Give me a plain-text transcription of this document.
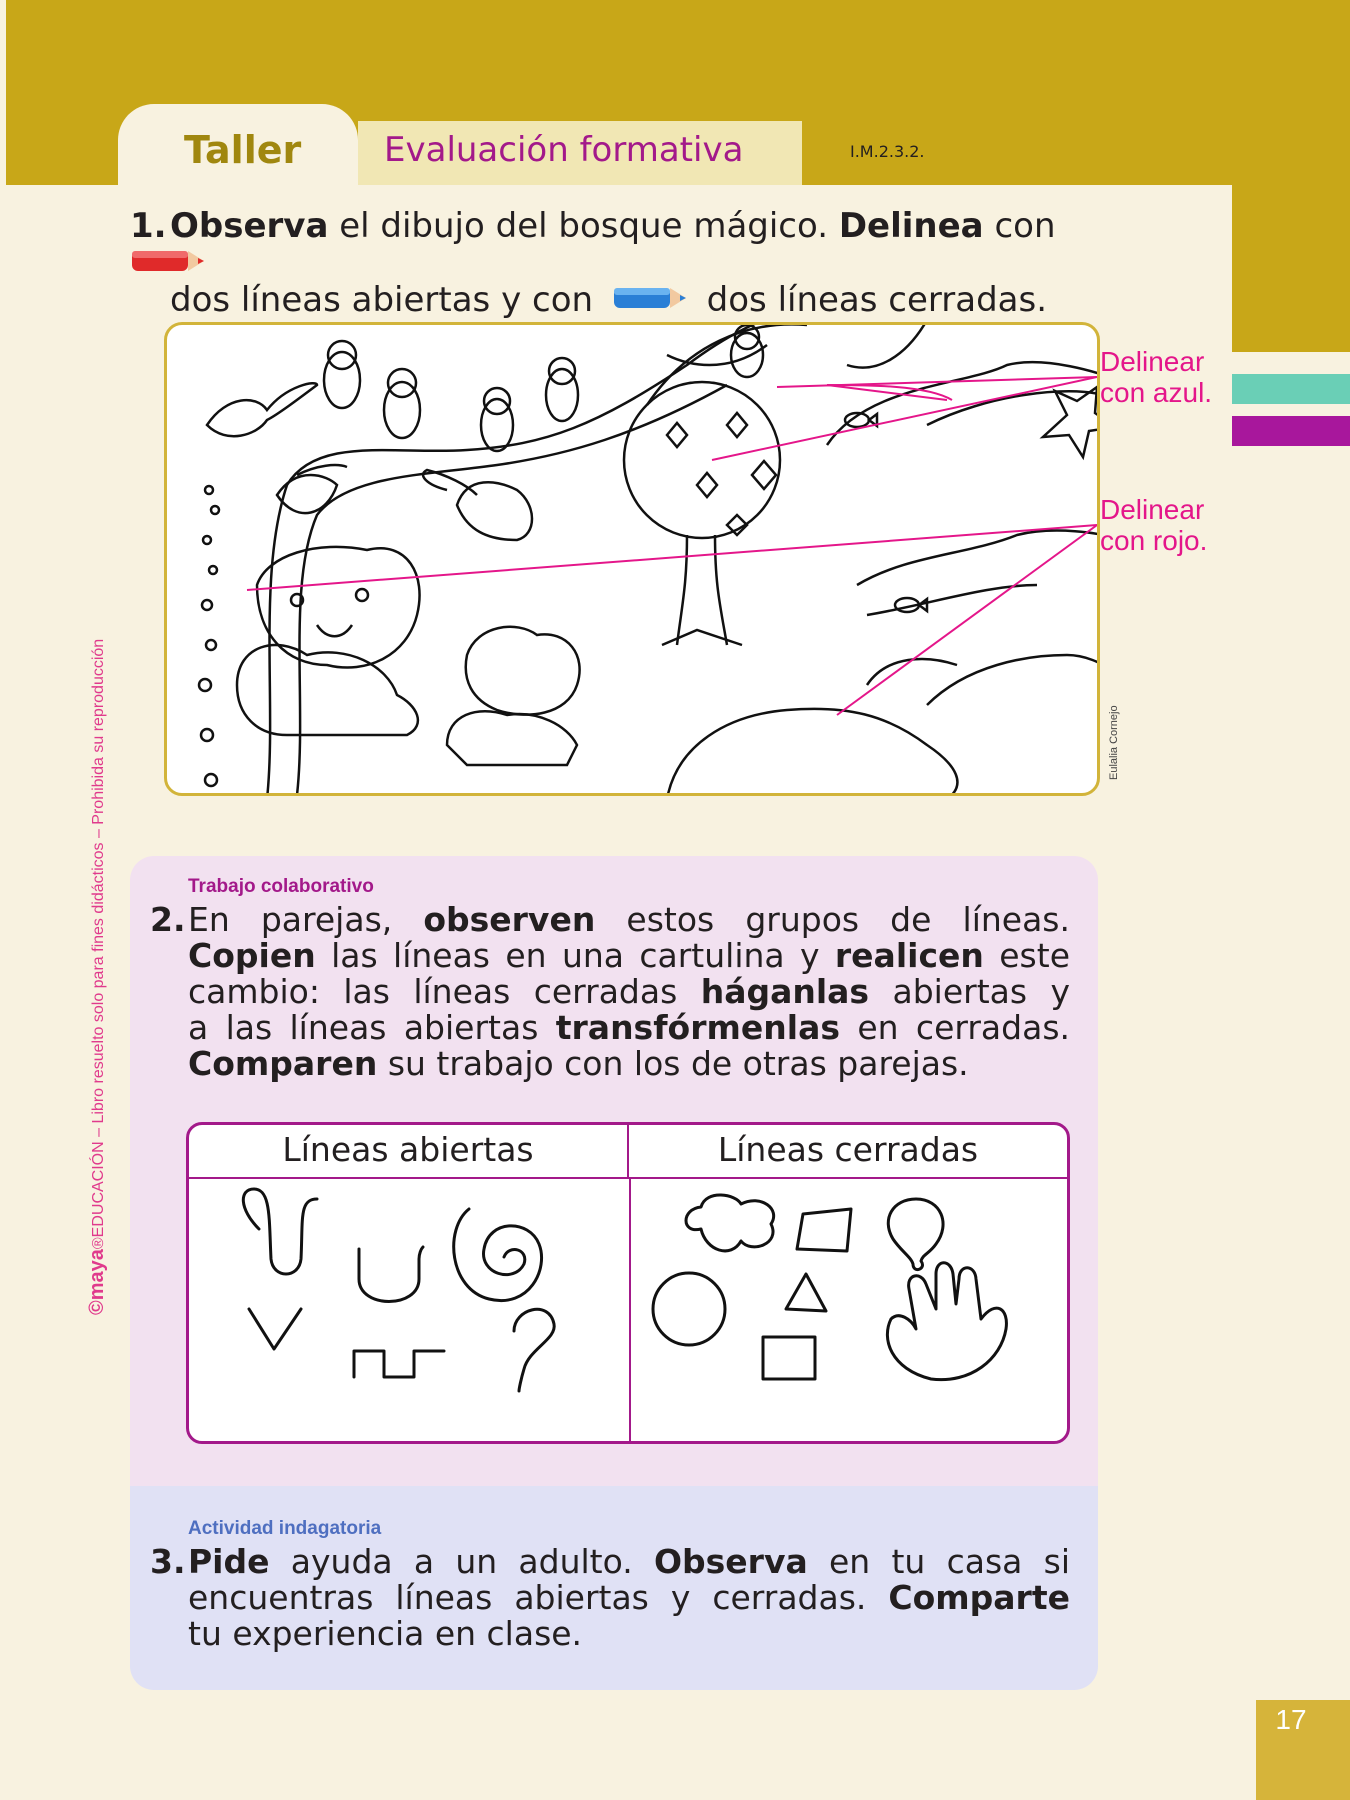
Taller Evaluación formativa	I.M.2.3.2.
©maya®EDUCACIÓN – Libro resuelto solo para fines didácticos – Prohibida su reproducción
1. Observa el dibujo del bosque mágico. Delinea con
dos líneas abiertas y con	dos líneas cerradas.
Delinear
con azul.
Delinear
con rojo.
Eulalia Cornejo
Trabajo colaborativo
2. En parejas, observen estos grupos de líneas.
Copien las líneas en una cartulina y realicen este
cambio: las líneas cerradas háganlas abiertas y
a las líneas abiertas transfórmenlas en cerradas.
Comparen su trabajo con los de otras parejas.
Líneas abiertas	Líneas cerradas
Actividad indagatoria
3. Pide ayuda a un adulto. Observa en tu casa si
encuentras líneas abiertas y cerradas. Comparte
tu experiencia en clase.
17
